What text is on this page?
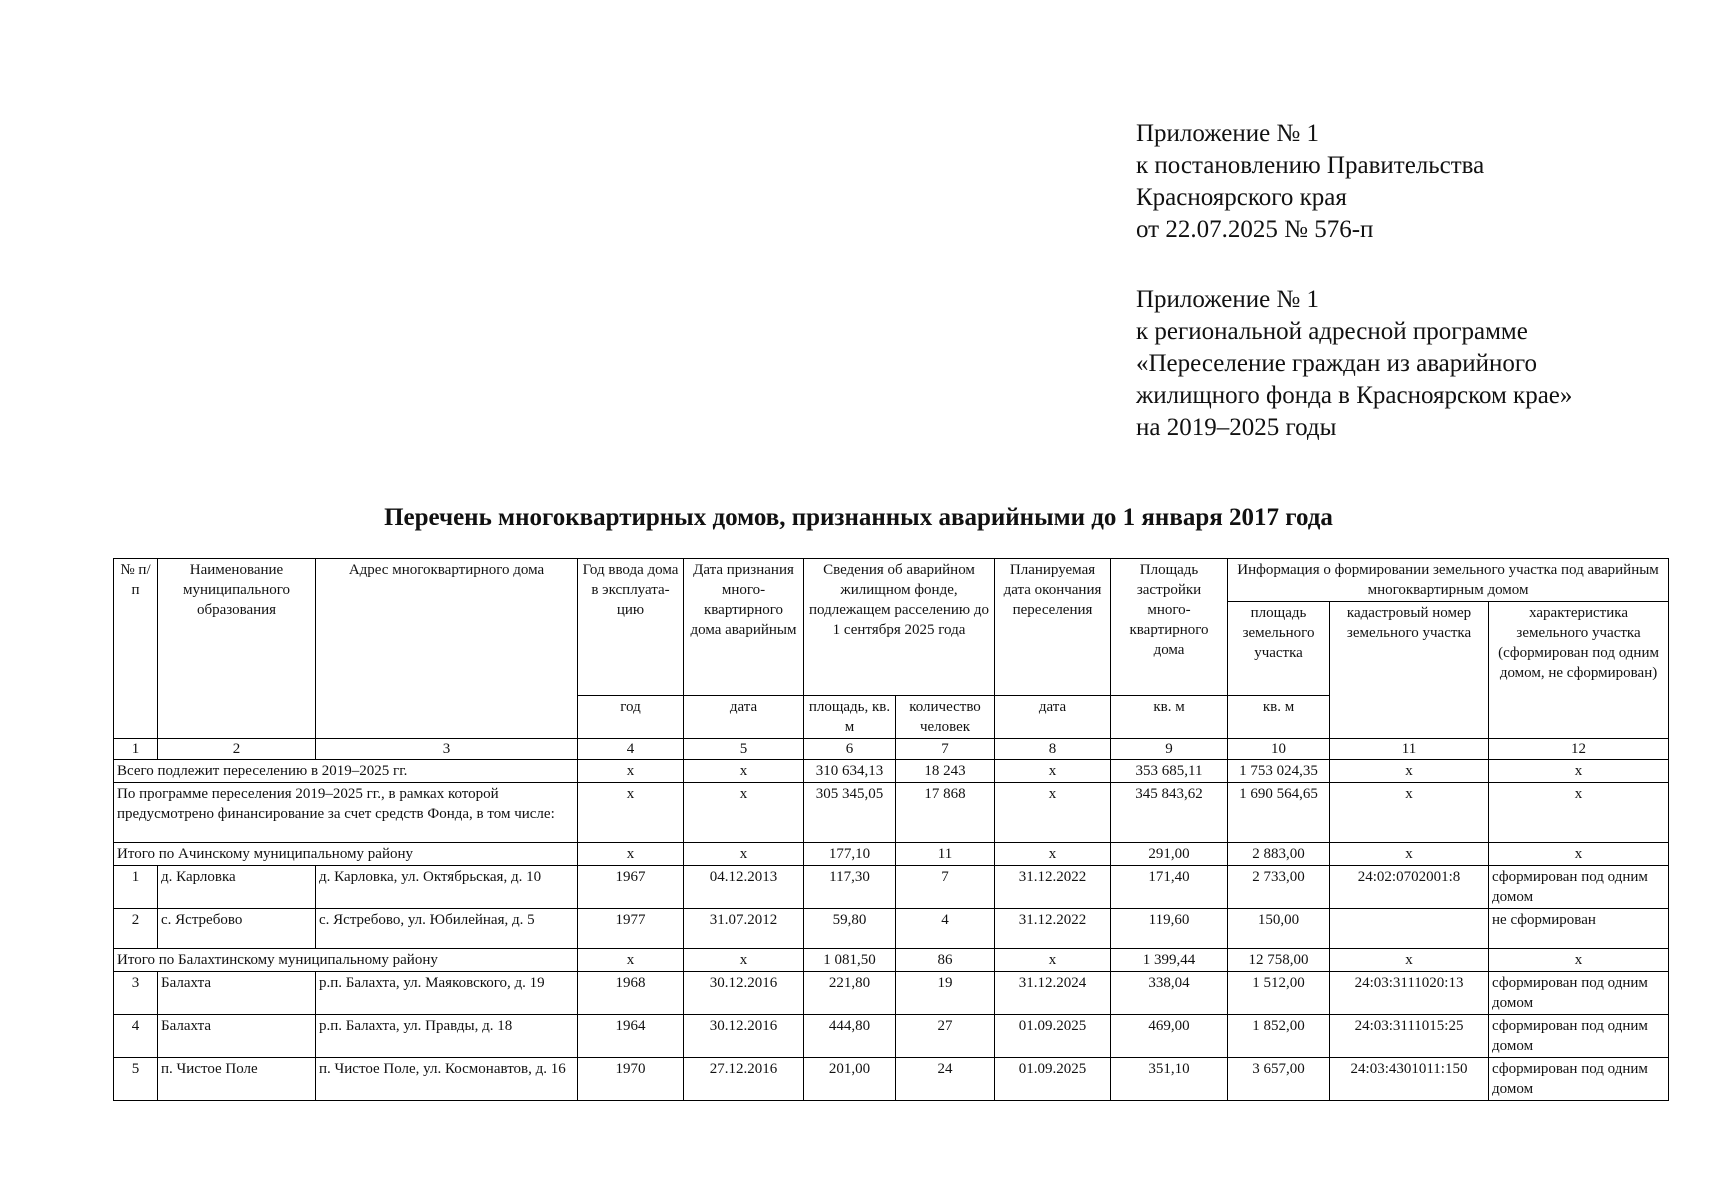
Приложение № 1
к постановлению Правительства
Красноярского края
от 22.07.2025 № 576-п
Приложение № 1
к региональной адресной программе
«Переселение граждан из аварийного
жилищного фонда в Красноярском крае»
на 2019–2025 годы
Перечень многоквартирных домов, признанных аварийными до 1 января 2017 года
№ п/п	Наименование муниципального образования	Адрес многоквартирного дома	Год ввода дома в эксплуата-цию	Дата признания много-квартирного дома аварийным	Сведения об аварийном жилищном фонде, подлежащем расселению до 1 сентября 2025 года		Планируемая дата окончания переселения	Площадь застройки много-квартирного дома	Информация о формировании земельного участка под аварийным многоквартирным домом		
									площадь земельного участка	кадастровый номер земельного участка	характеристика земельного участка (сформирован под одним домом, не сформирован)
			год	дата	площадь, кв. м	количество человек	дата	кв. м	кв. м		
1	2	3	4	5	6	7	8	9	10	11	12
Всего подлежит переселению в 2019–2025 гг.			х	х	310 634,13	18 243	х	353 685,11	1 753 024,35	х	х
По программе переселения 2019–2025 гг., в рамках которой предусмотрено финансирование за счет средств Фонда, в том числе:			х	х	305 345,05	17 868	х	345 843,62	1 690 564,65	х	х
Итого по Ачинскому муниципальному району			х	х	177,10	11	х	291,00	2 883,00	х	х
1	д. Карловка	д. Карловка, ул. Октябрьская, д. 10	1967	04.12.2013	117,30	7	31.12.2022	171,40	2 733,00	24:02:0702001:8	сформирован под одним домом
2	с. Ястребово	с. Ястребово, ул. Юбилейная, д. 5	1977	31.07.2012	59,80	4	31.12.2022	119,60	150,00		не сформирован
Итого по Балахтинскому муниципальному району			х	х	1 081,50	86	х	1 399,44	12 758,00	х	х
3	Балахта	р.п. Балахта, ул. Маяковского, д. 19	1968	30.12.2016	221,80	19	31.12.2024	338,04	1 512,00	24:03:3111020:13	сформирован под одним домом
4	Балахта	р.п. Балахта, ул. Правды, д. 18	1964	30.12.2016	444,80	27	01.09.2025	469,00	1 852,00	24:03:3111015:25	сформирован под одним домом
5	п. Чистое Поле	п. Чистое Поле, ул. Космонавтов, д. 16	1970	27.12.2016	201,00	24	01.09.2025	351,10	3 657,00	24:03:4301011:150	сформирован под одним домом
